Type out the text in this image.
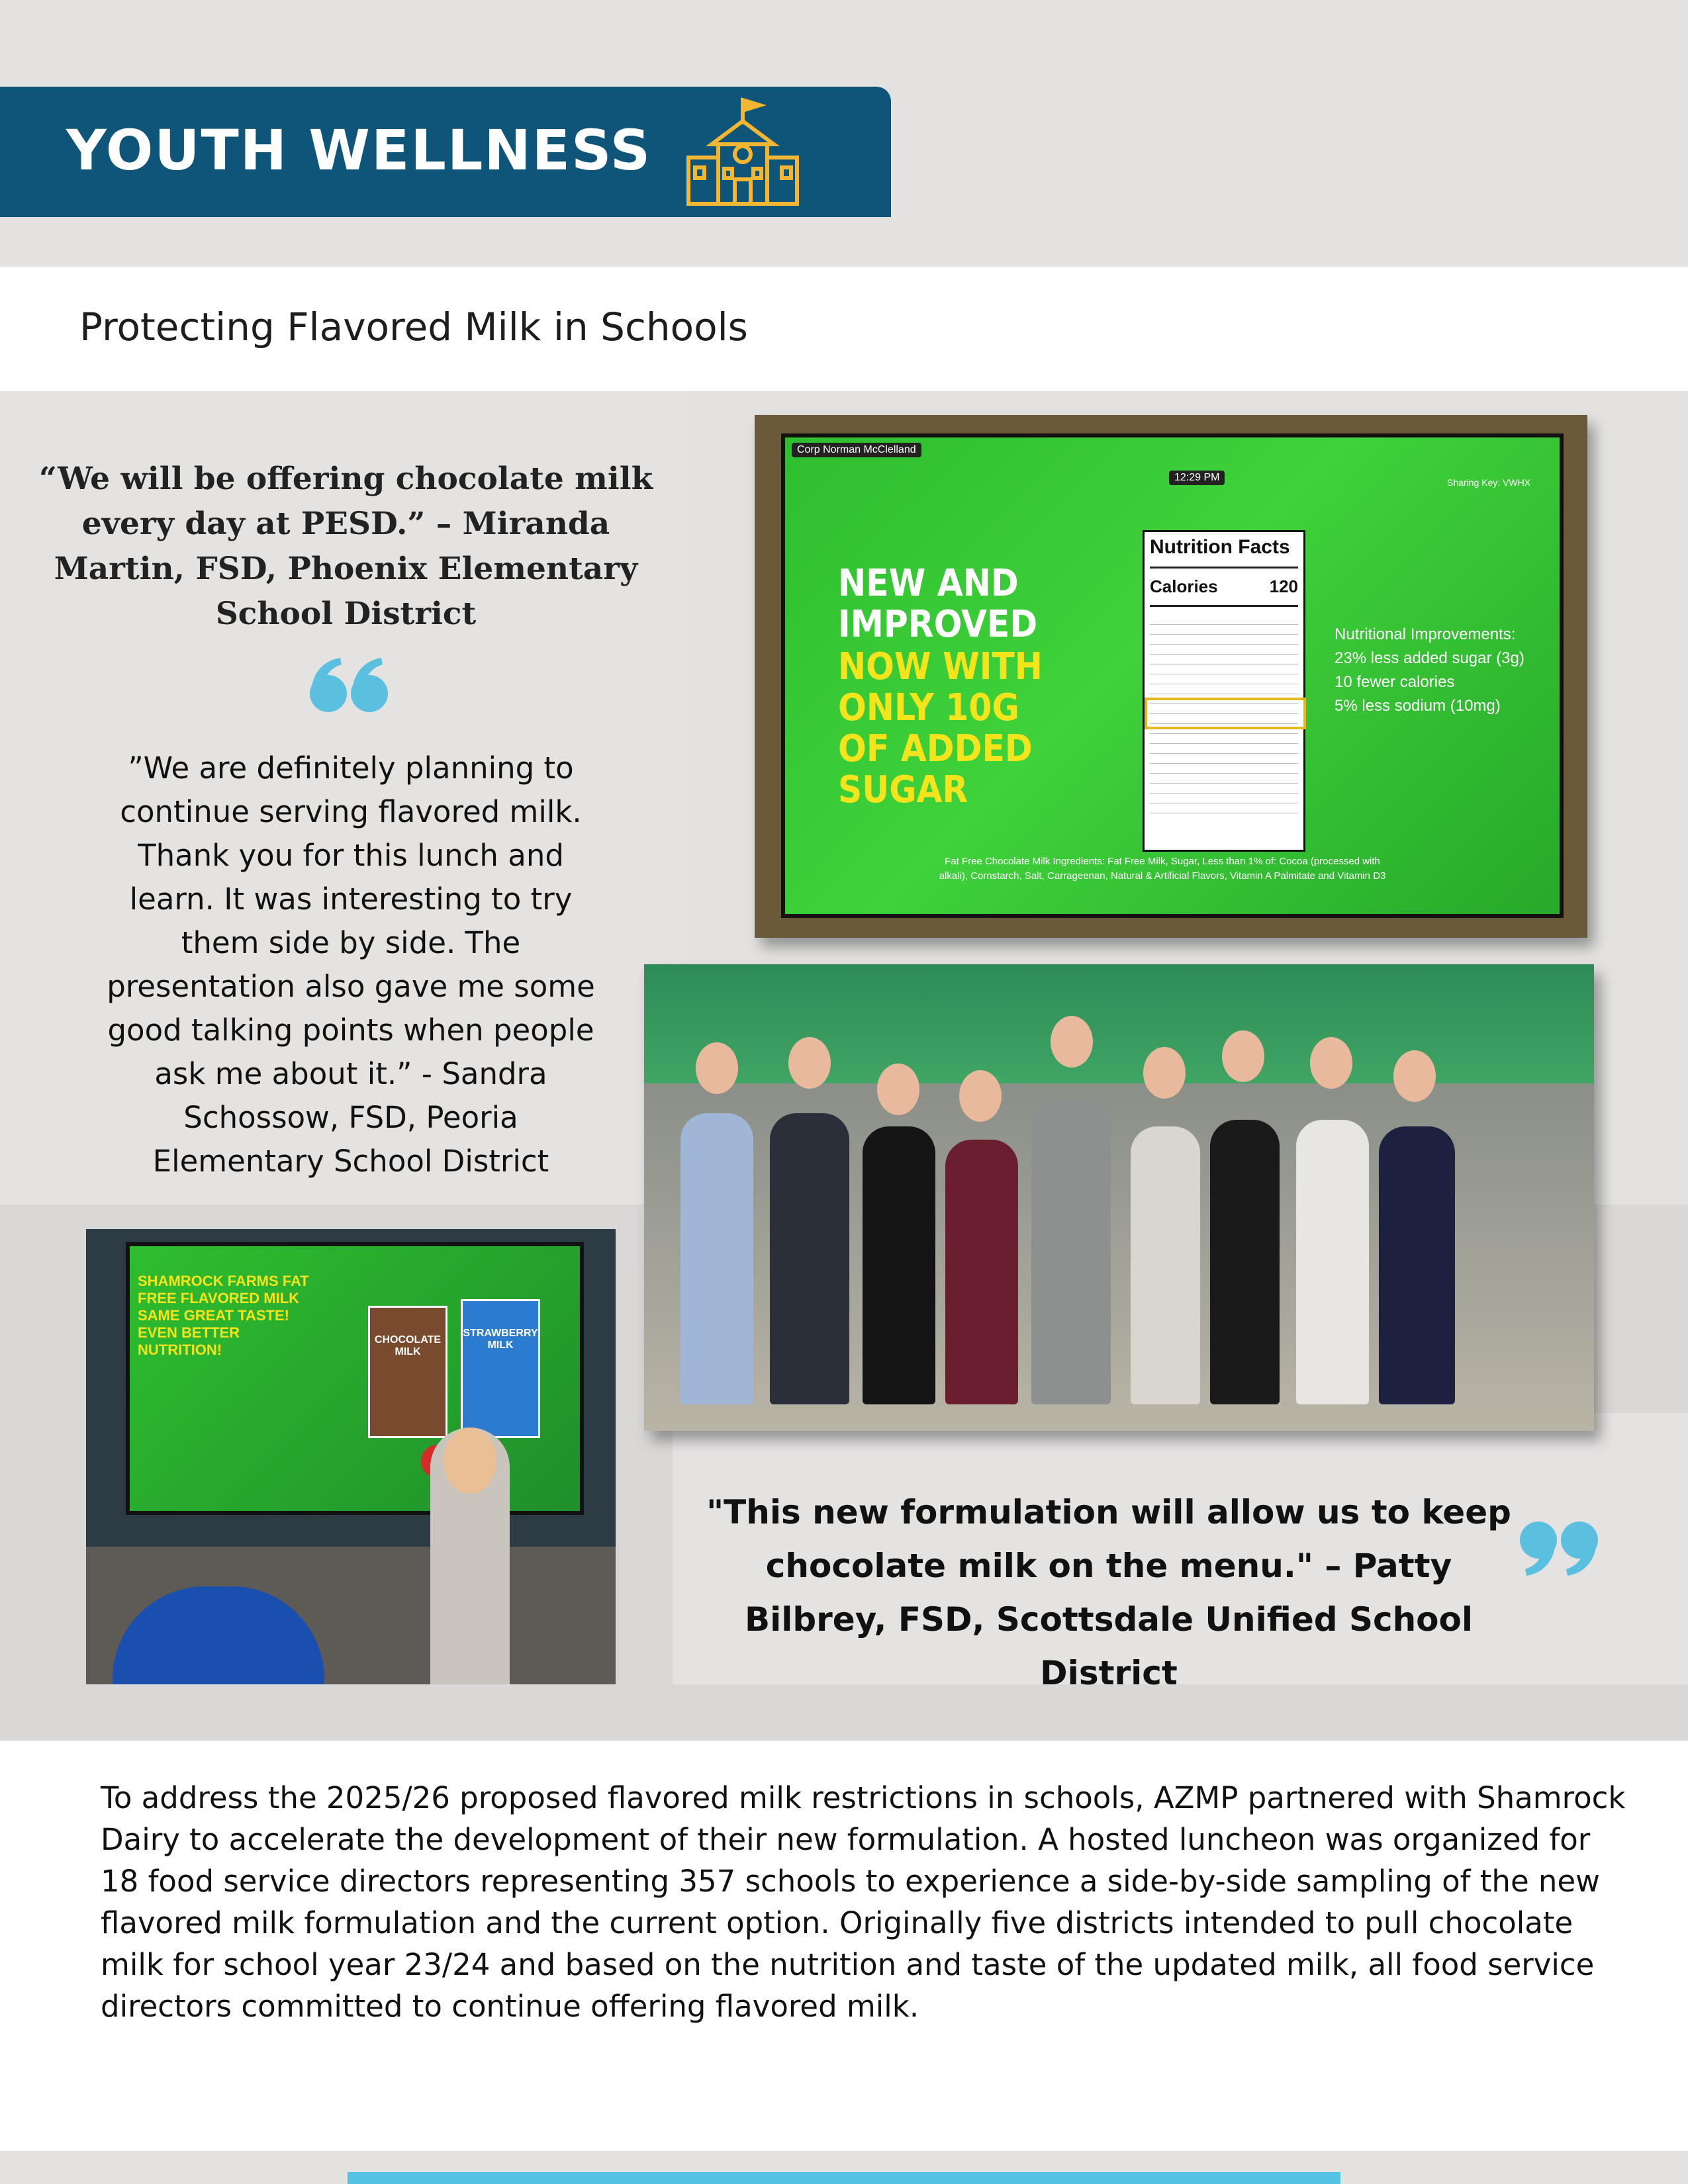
YOUTH WELLNESS
Protecting Flavored Milk in Schools
“We will be offering chocolate milk every day at PESD.” – Miranda Martin, FSD, Phoenix Elementary School District
”We are definitely planning to continue serving flavored milk. Thank you for this lunch and learn. It was interesting to try them side by side. The presentation also gave me some good talking points when people ask me about it.” - Sandra Schossow, FSD, Peoria Elementary School District
Corp Norman McClelland
12:29 PM	Sharing Key: VWHX
NEW AND IMPROVED
NOW WITH ONLY 10G OF ADDED SUGAR
Nutrition Facts
Calories	120
Nutritional Improvements:
23% less added sugar (3g)
10 fewer calories
5% less sodium (10mg)
Fat Free Chocolate Milk Ingredients: Fat Free Milk, Sugar, Less than 1% of: Cocoa (processed with alkali), Cornstarch, Salt, Carrageenan, Natural & Artificial Flavors, Vitamin A Palmitate and Vitamin D3
SHAMROCK FARMS FAT FREE FLAVORED MILK SAME GREAT TASTE! EVEN BETTER NUTRITION!
CHOCOLATE MILK
STRAWBERRY MILK
"This new formulation will allow us to keep chocolate milk on the menu." – Patty Bilbrey, FSD, Scottsdale Unified School District
To address the 2025/26 proposed flavored milk restrictions in schools, AZMP partnered with Shamrock Dairy to accelerate the development of their new formulation. A hosted luncheon was organized for 18 food service directors representing 357 schools to experience a side-by-side sampling of the new flavored milk formulation and the current option. Originally five districts intended to pull chocolate milk for school year 23/24 and based on the nutrition and taste of the updated milk, all food service directors committed to continue offering flavored milk.
